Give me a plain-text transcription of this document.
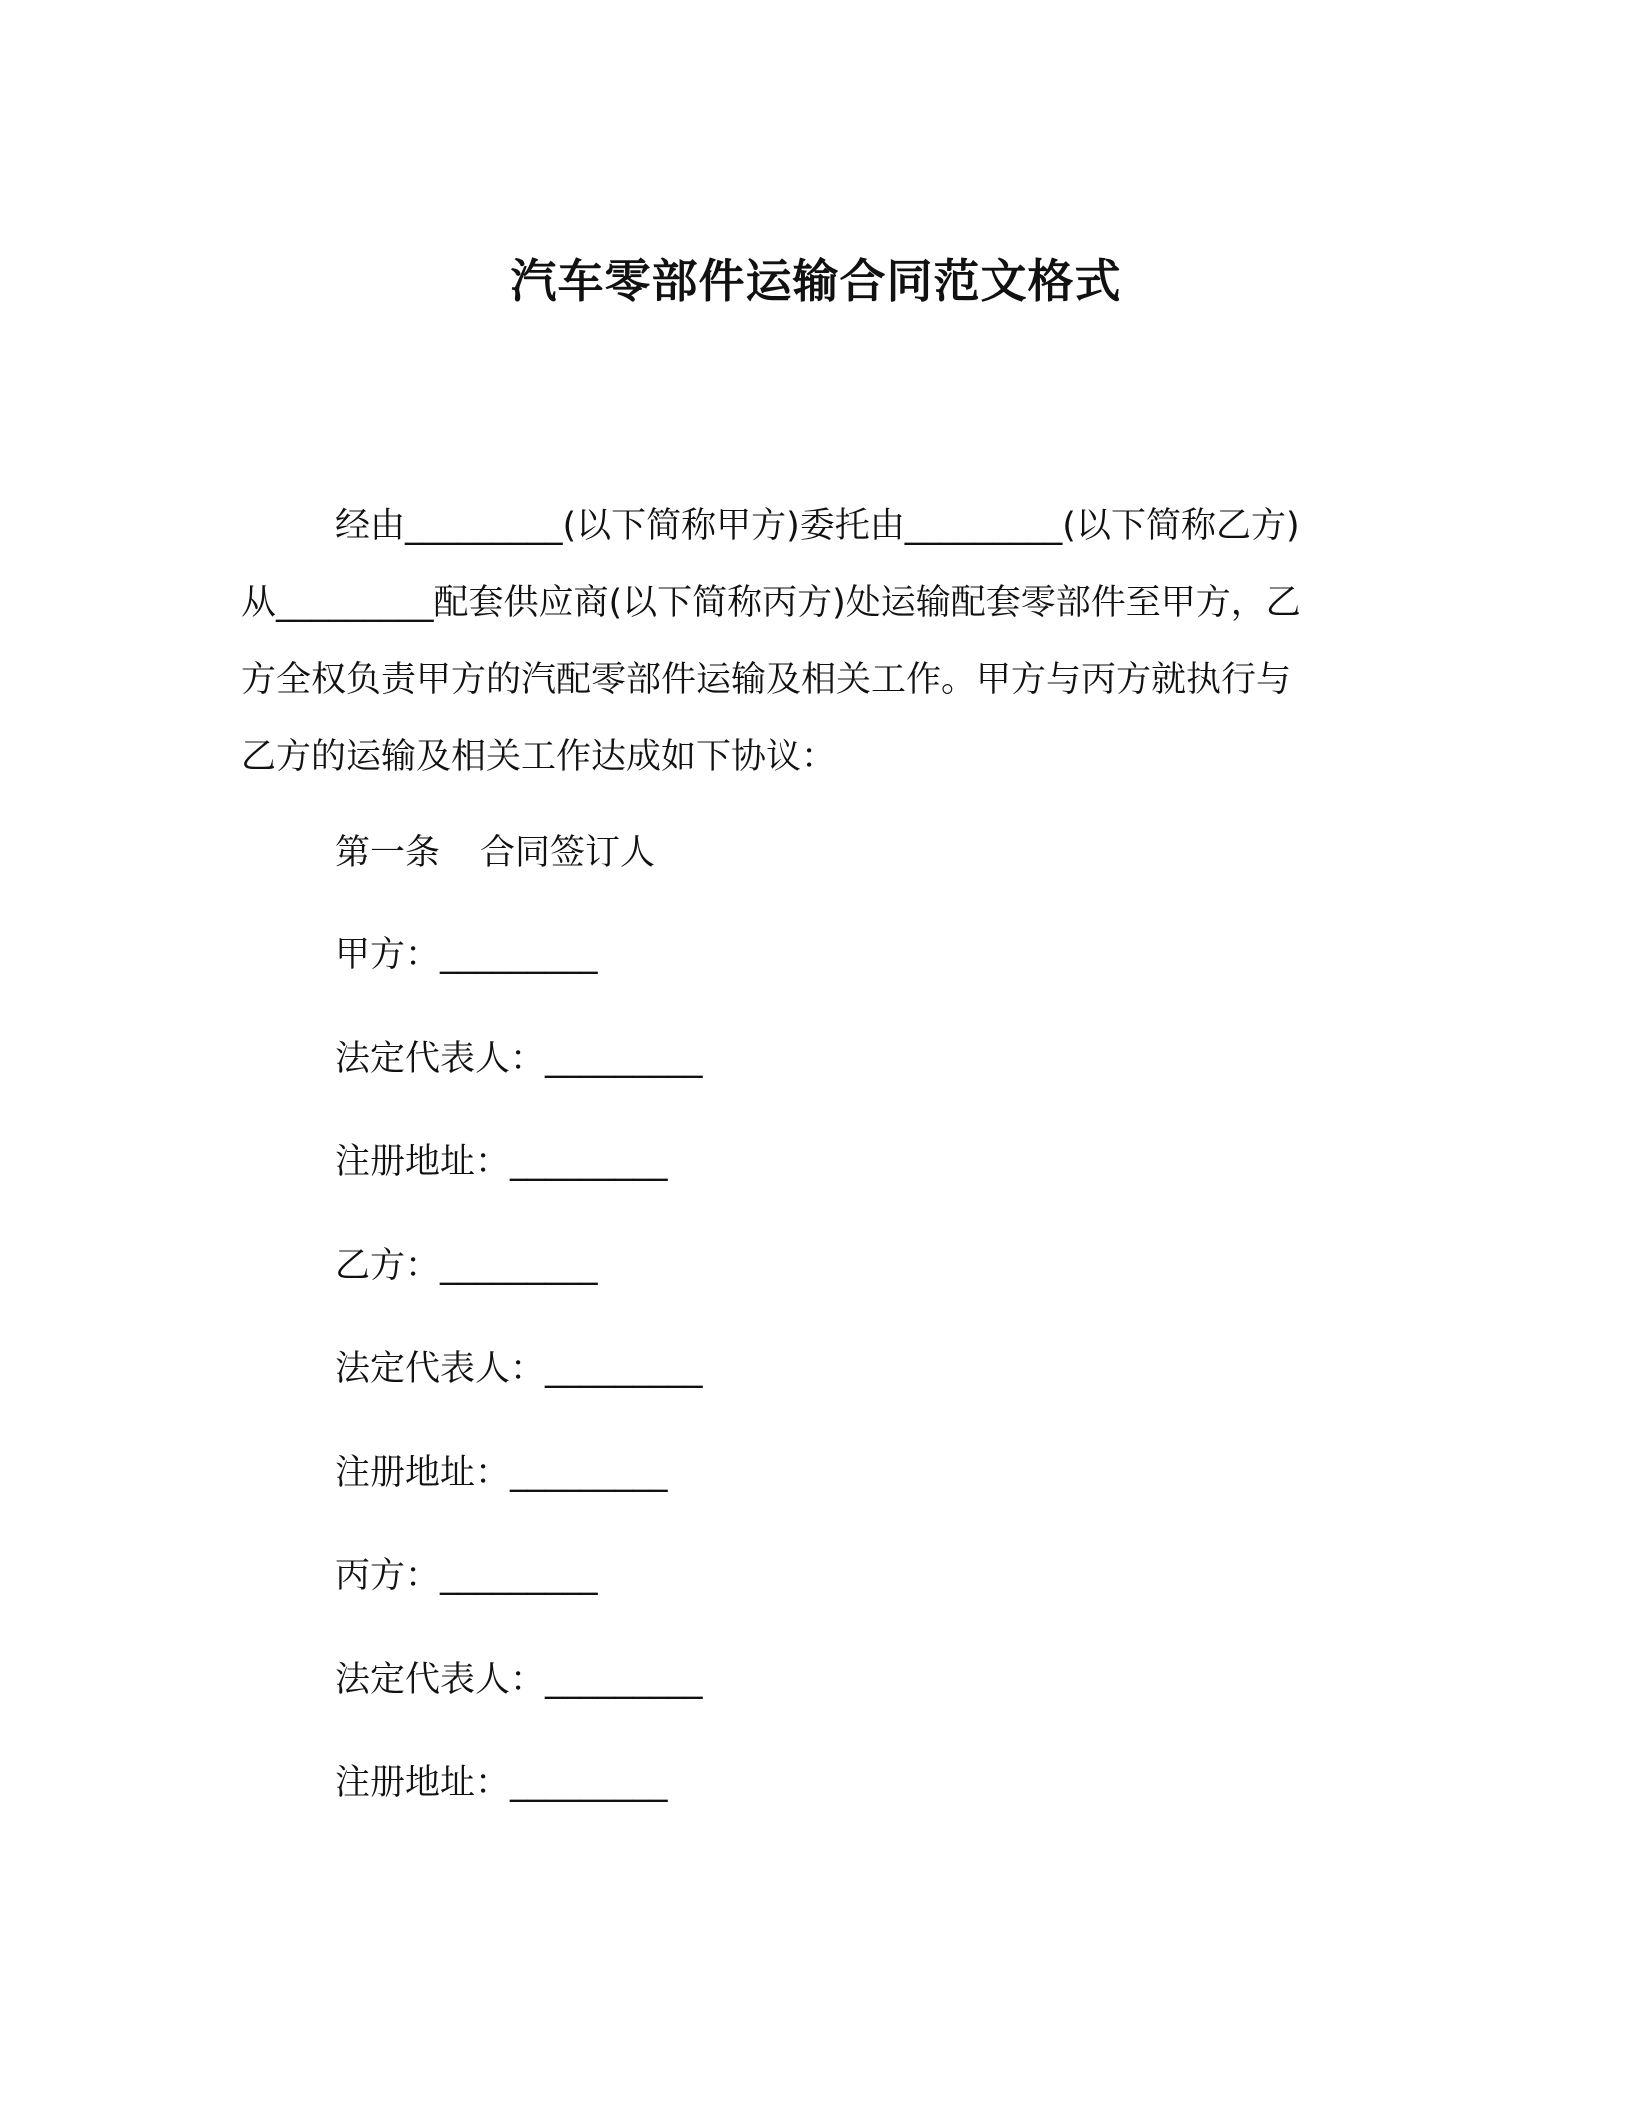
汽车零部件运输合同范文格式

经由_________(以下简称甲方)委托由_________(以下简称乙方)
从_________配套供应商(以下简称丙方)处运输配套零部件至甲方，乙
方全权负责甲方的汽配零部件运输及相关工作。甲方与丙方就执行与
乙方的运输及相关工作达成如下协议：

第一条 合同签订人
甲方：_________
法定代表人：_________
注册地址：_________
乙方：_________
法定代表人：_________
注册地址：_________
丙方：_________
法定代表人：_________
注册地址：_________
